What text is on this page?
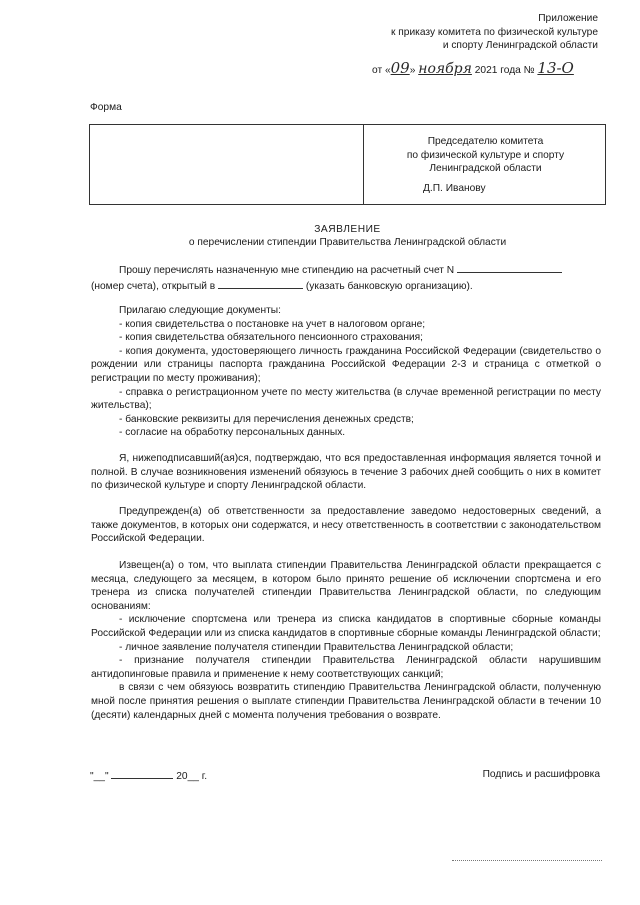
Приложение
к приказу комитета по физической культуре
и спорту Ленинградской области
от «09» ноября 2021 года № 13-О
Форма
Председателю комитета
по физической культуре и спорту
Ленинградской области
Д.П. Иванову
ЗАЯВЛЕНИЕ
о перечислении стипендии Правительства Ленинградской области
Прошу перечислять назначенную мне стипендию на расчетный счет N
(номер счета), открытый в	(указать банковскую организацию).
Прилагаю следующие документы:
- копия свидетельства о постановке на учет в налоговом органе;
- копия свидетельства обязательного пенсионного страхования;
- копия документа, удостоверяющего личность гражданина Российской Федерации (свидетельство о рождении или страницы паспорта гражданина Российской Федерации 2-3 и страница с отметкой о регистрации по месту проживания);
- справка о регистрационном учете по месту жительства (в случае временной регистрации по месту жительства);
- банковские реквизиты для перечисления денежных средств;
- согласие на обработку персональных данных.
Я, нижеподписавший(ая)ся, подтверждаю, что вся предоставленная информация является точной и полной. В случае возникновения изменений обязуюсь в течение 3 рабочих дней сообщить о них в комитет по физической культуре и спорту Ленинградской области.
Предупрежден(а) об ответственности за предоставление заведомо недостоверных сведений, а также документов, в которых они содержатся, и несу ответственность в соответствии с законодательством Российской Федерации.
Извещен(а) о том, что выплата стипендии Правительства Ленинградской области прекращается с месяца, следующего за месяцем, в котором было принято решение об исключении спортсмена и его тренера из списка получателей стипендии Правительства Ленинградской области, по следующим основаниям:
- исключение спортсмена или тренера из списка кандидатов в спортивные сборные команды Российской Федерации или из списка кандидатов в спортивные сборные команды Ленинградской области;
- личное заявление получателя стипендии Правительства Ленинградской области;
- признание получателя стипендии Правительства Ленинградской области нарушившим антидопинговые правила и применение к нему соответствующих санкций;
в связи с чем обязуюсь возвратить стипендию Правительства Ленинградской области, полученную мной после принятия решения о выплате стипендии Правительства Ленинградской области в течении 10 (десяти) календарных дней с момента получения требования о возврате.
"__"	20__ г.	Подпись и расшифровка
